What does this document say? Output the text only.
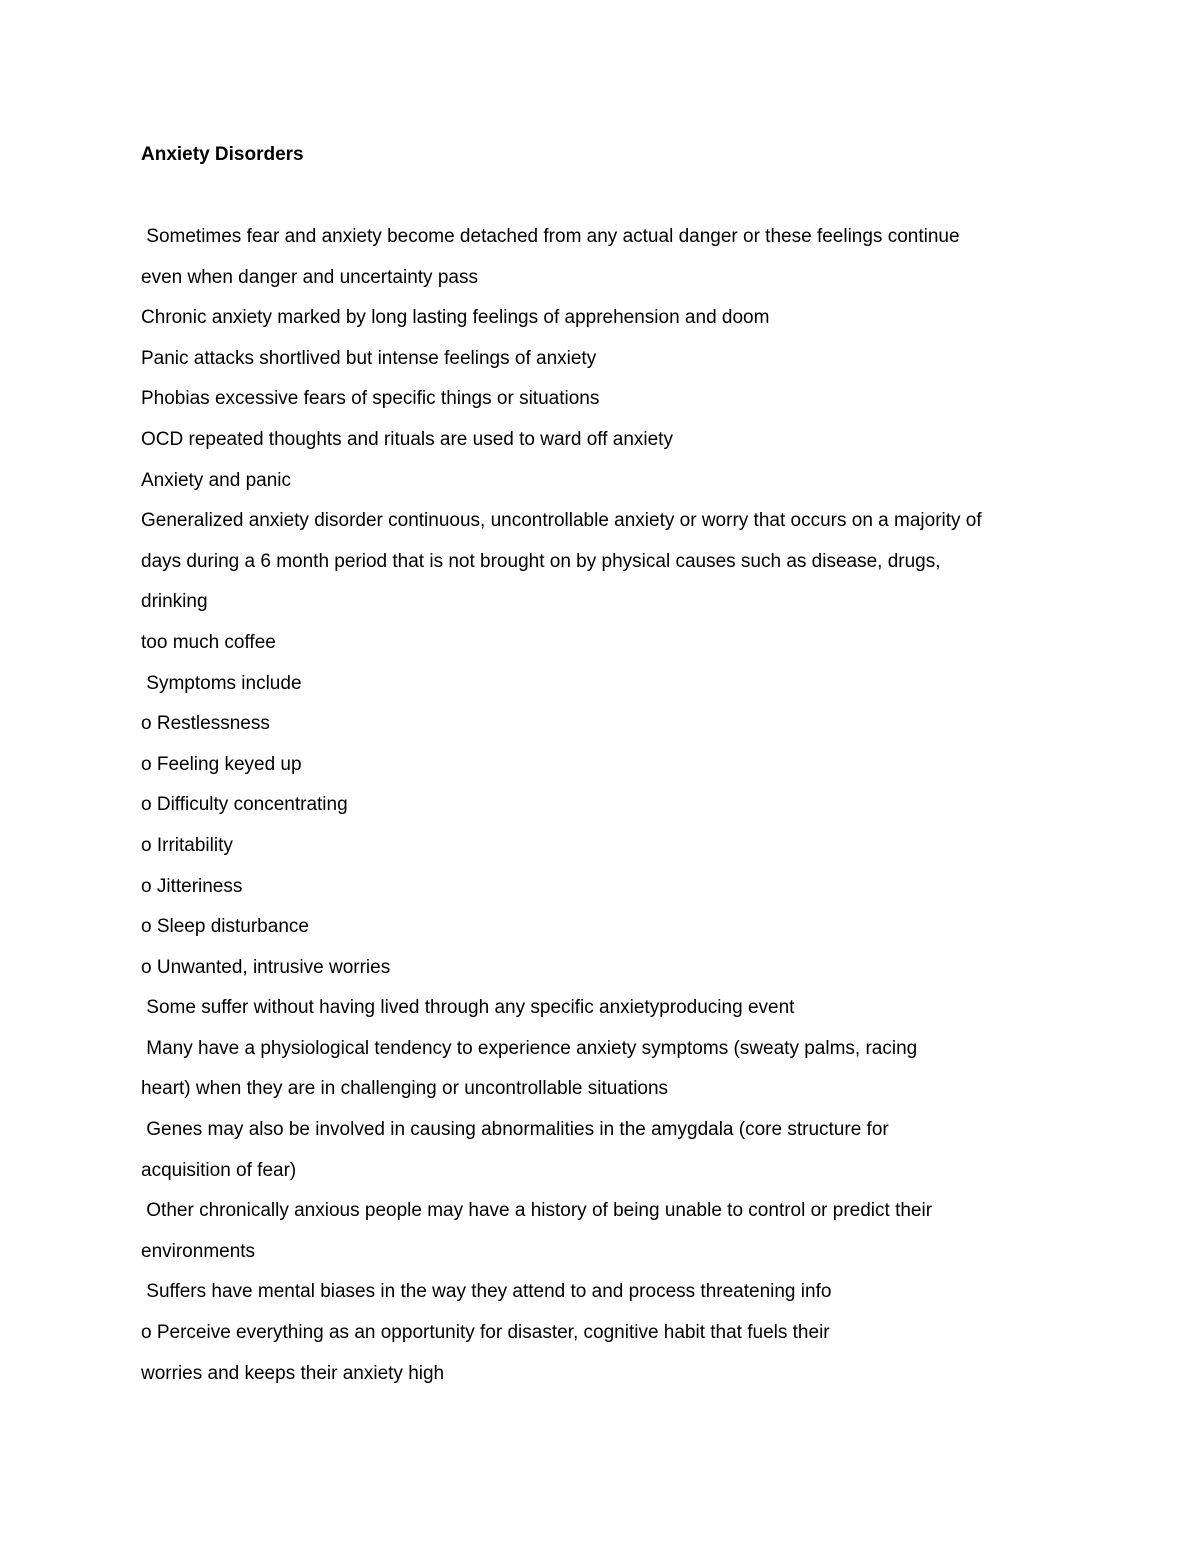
Anxiety Disorders
Sometimes fear and anxiety become detached from any actual danger or these feelings continue
even when danger and uncertainty pass
Chronic anxiety marked by long lasting feelings of apprehension and doom
Panic attacks shortlived but intense feelings of anxiety
Phobias excessive fears of specific things or situations
OCD repeated thoughts and rituals are used to ward off anxiety
Anxiety and panic
Generalized anxiety disorder continuous, uncontrollable anxiety or worry that occurs on a majority of
days during a 6 month period that is not brought on by physical causes such as disease, drugs,
drinking
too much coffee
Symptoms include
o Restlessness
o Feeling keyed up
o Difficulty concentrating
o Irritability
o Jitteriness
o Sleep disturbance
o Unwanted, intrusive worries
Some suffer without having lived through any specific anxietyproducing event
Many have a physiological tendency to experience anxiety symptoms (sweaty palms, racing
heart) when they are in challenging or uncontrollable situations
Genes may also be involved in causing abnormalities in the amygdala (core structure for
acquisition of fear)
Other chronically anxious people may have a history of being unable to control or predict their
environments
Suffers have mental biases in the way they attend to and process threatening info
o Perceive everything as an opportunity for disaster, cognitive habit that fuels their
worries and keeps their anxiety high
